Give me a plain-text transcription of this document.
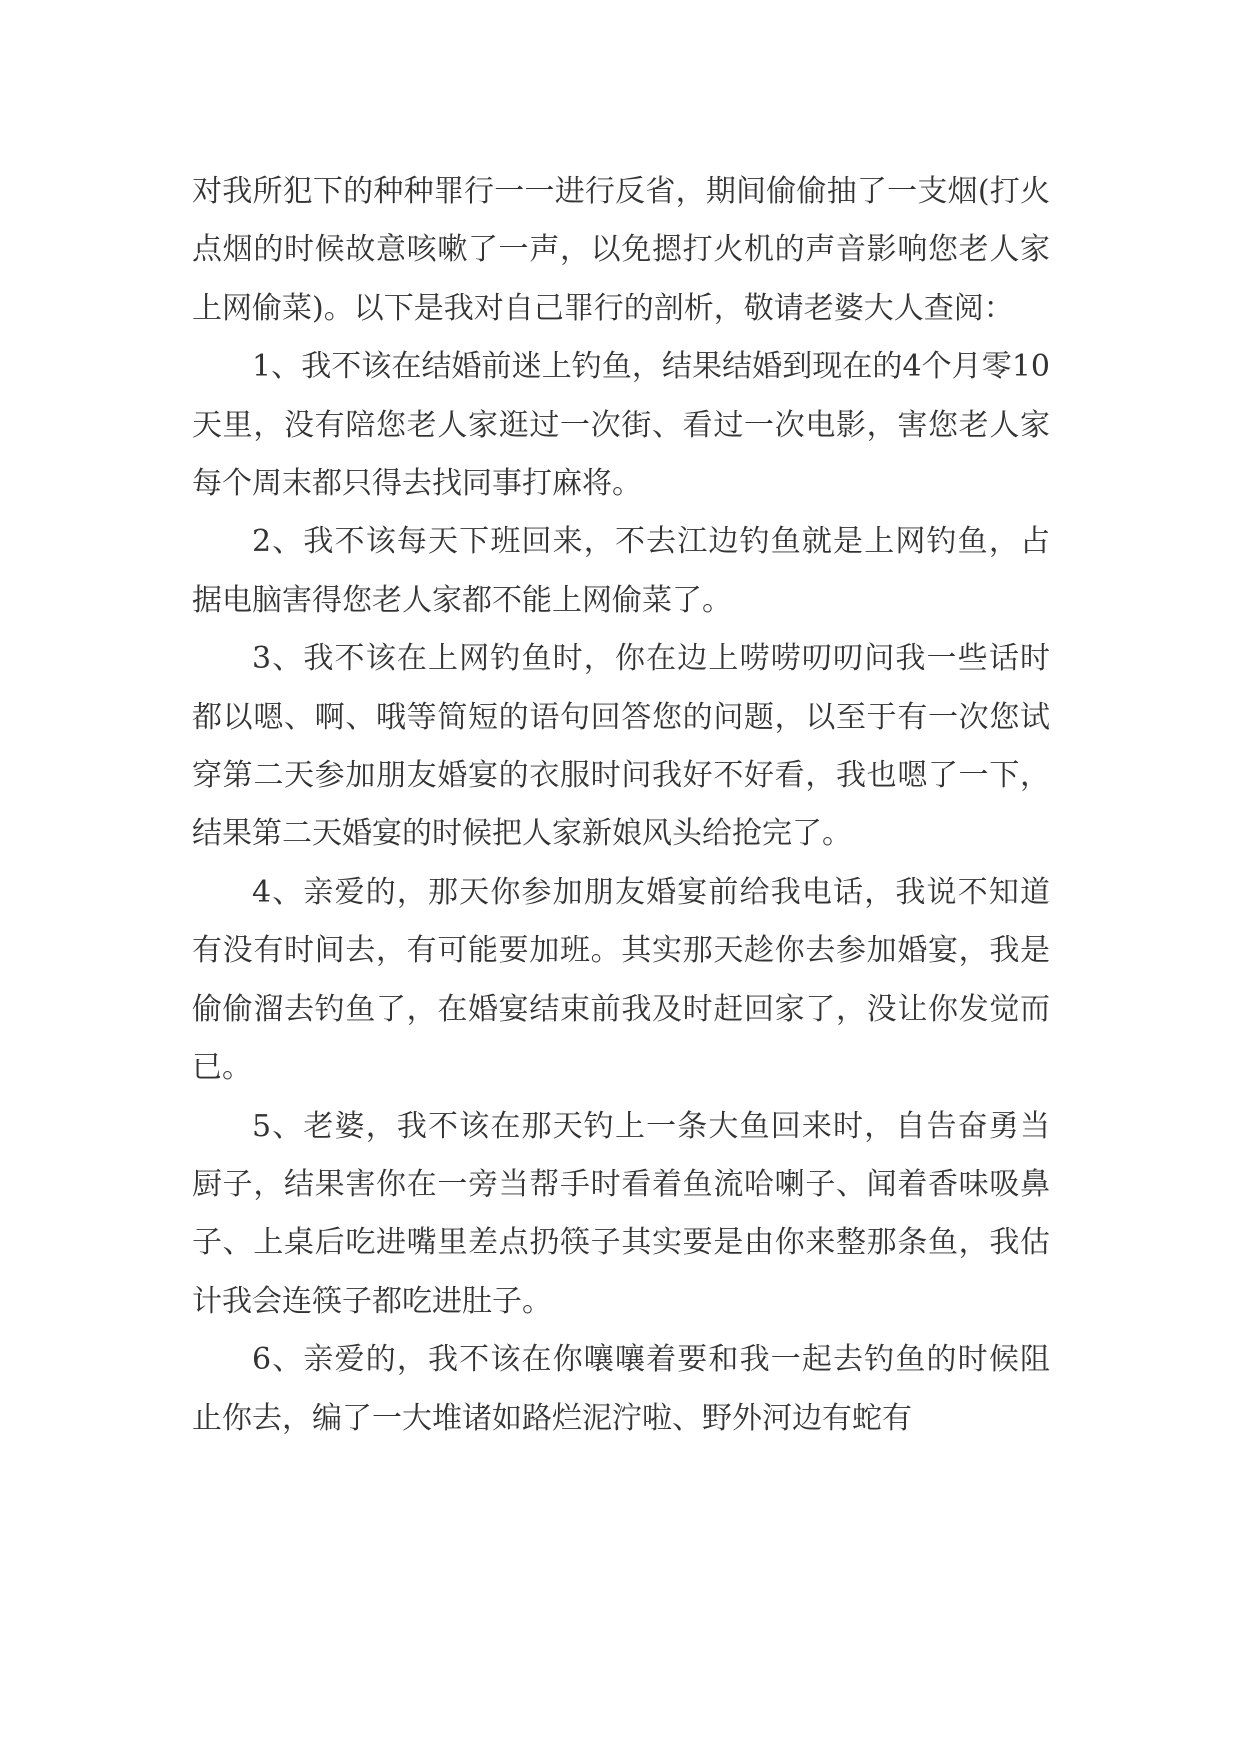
对我所犯下的种种罪行一一进行反省，期间偷偷抽了一支烟(打火点烟的时候故意咳嗽了一声，以免摁打火机的声音影响您老人家上网偷菜)。以下是我对自己罪行的剖析，敬请老婆大人查阅：

1、我不该在结婚前迷上钓鱼，结果结婚到现在的4个月零10天里，没有陪您老人家逛过一次街、看过一次电影，害您老人家每个周末都只得去找同事打麻将。

2、我不该每天下班回来，不去江边钓鱼就是上网钓鱼，占据电脑害得您老人家都不能上网偷菜了。

3、我不该在上网钓鱼时，你在边上唠唠叨叨问我一些话时都以嗯、啊、哦等简短的语句回答您的问题，以至于有一次您试穿第二天参加朋友婚宴的衣服时问我好不好看，我也嗯了一下，结果第二天婚宴的时候把人家新娘风头给抢完了。

4、亲爱的，那天你参加朋友婚宴前给我电话，我说不知道有没有时间去，有可能要加班。其实那天趁你去参加婚宴，我是偷偷溜去钓鱼了，在婚宴结束前我及时赶回家了，没让你发觉而已。

5、老婆，我不该在那天钓上一条大鱼回来时，自告奋勇当厨子，结果害你在一旁当帮手时看着鱼流哈喇子、闻着香味吸鼻子、上桌后吃进嘴里差点扔筷子其实要是由你来整那条鱼，我估计我会连筷子都吃进肚子。

6、亲爱的，我不该在你嚷嚷着要和我一起去钓鱼的时候阻止你去，编了一大堆诸如路烂泥泞啦、野外河边有蛇有
